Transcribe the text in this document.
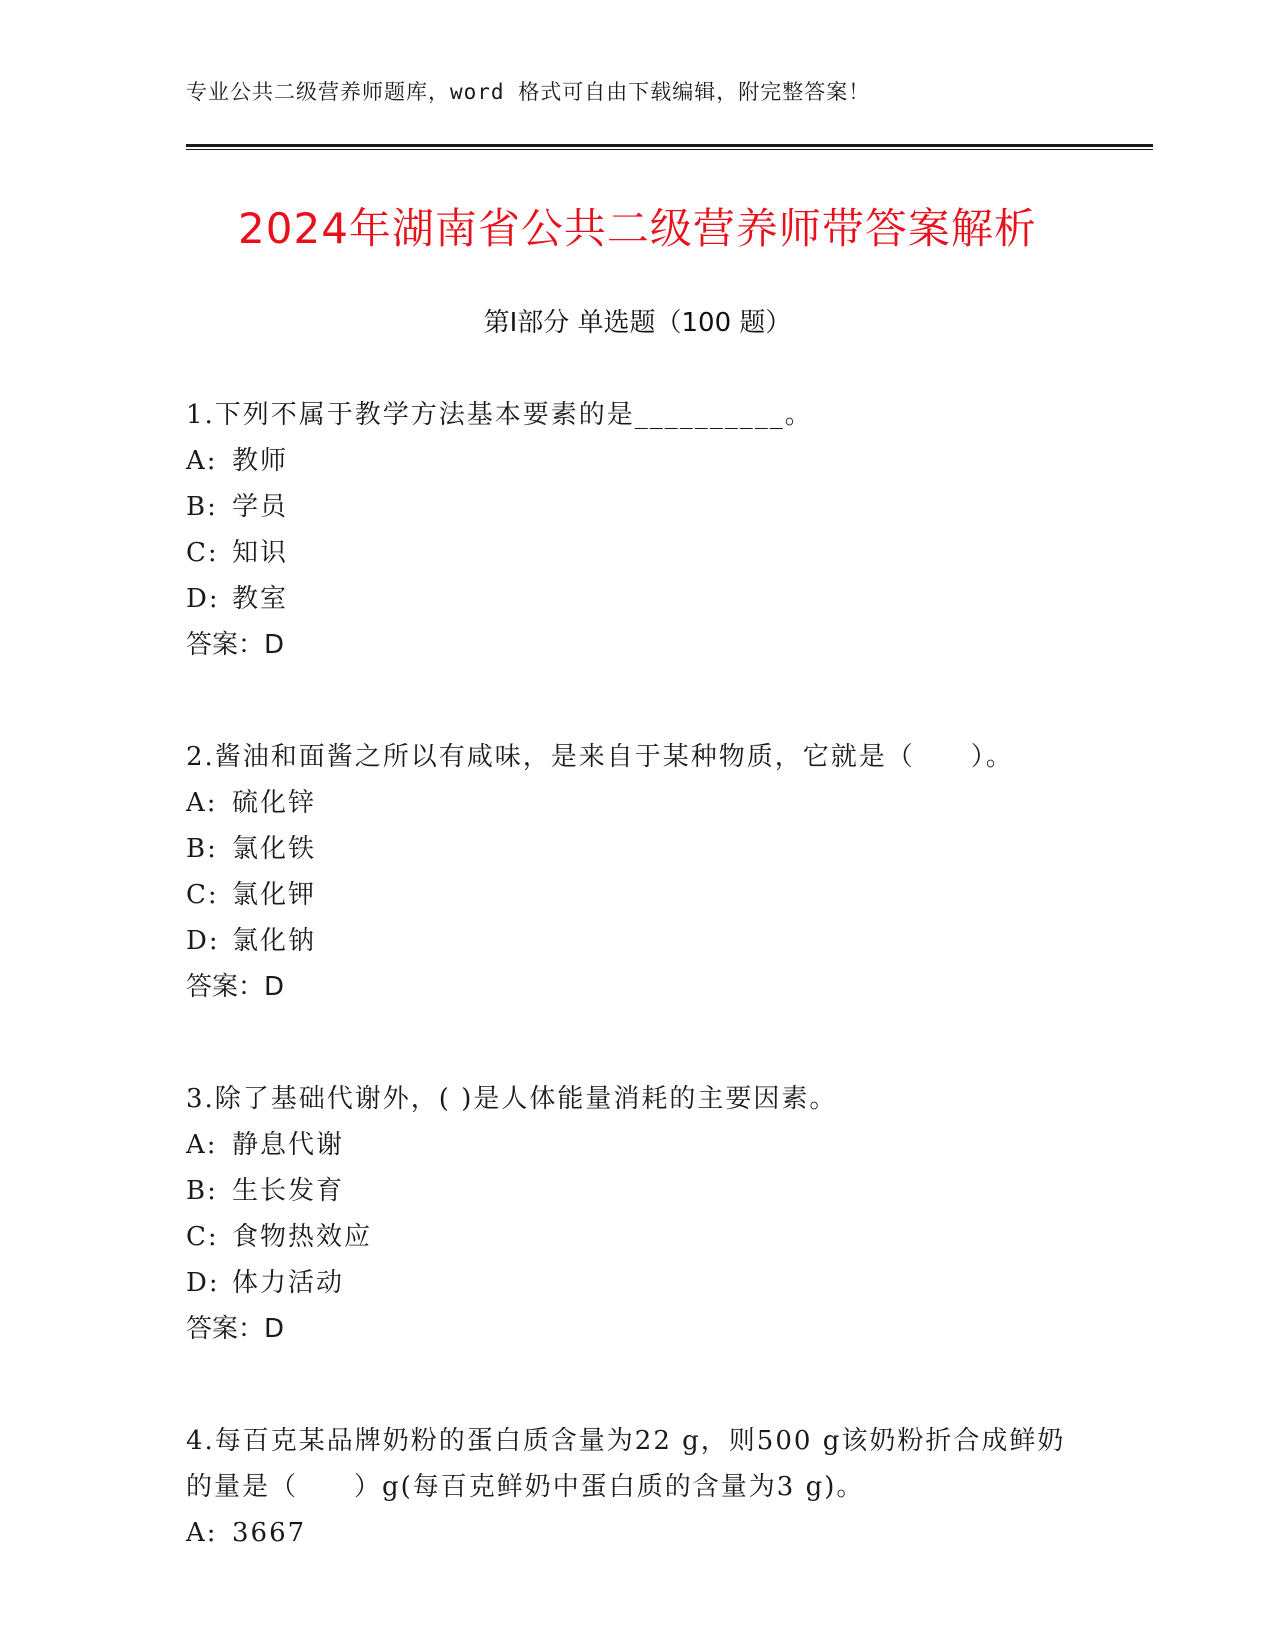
专业公共二级营养师题库，word 格式可自由下载编辑，附完整答案！
2024年湖南省公共二级营养师带答案解析
第Ⅰ部分 单选题（100 题）
1.下列不属于教学方法基本要素的是__________。
A: 教师
B: 学员
C: 知识
D: 教室
答案：D
2.酱油和面酱之所以有咸味，是来自于某种物质，它就是（　　）。
A: 硫化锌
B: 氯化铁
C: 氯化钾
D: 氯化钠
答案：D
3.除了基础代谢外，( )是人体能量消耗的主要因素。
A: 静息代谢
B: 生长发育
C: 食物热效应
D: 体力活动
答案：D
4.每百克某品牌奶粉的蛋白质含量为22 g，则500 g该奶粉折合成鲜奶的量是（　　）g(每百克鲜奶中蛋白质的含量为3 g)。
A: 3667
